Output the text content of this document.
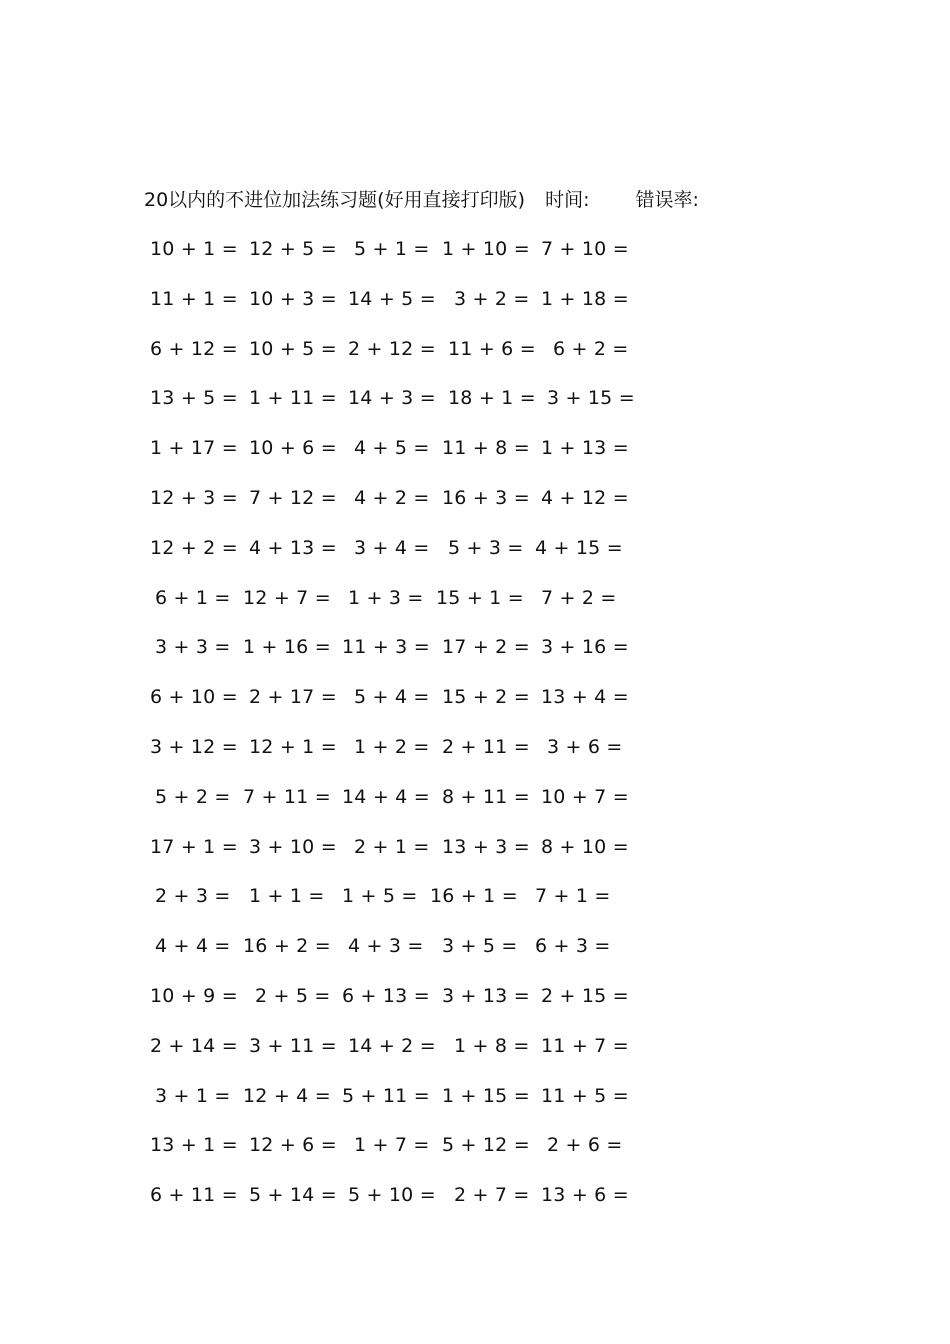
20以内的不进位加法练习题(好用直接打印版) 时间: 错误率:
10 + 1 = 12 + 5 = 5 + 1 = 1 + 10 = 7 + 10 =
11 + 1 = 10 + 3 = 14 + 5 = 3 + 2 = 1 + 18 =
6 + 12 = 10 + 5 = 2 + 12 = 11 + 6 = 6 + 2 =
13 + 5 = 1 + 11 = 14 + 3 = 18 + 1 = 3 + 15 =
1 + 17 = 10 + 6 = 4 + 5 = 11 + 8 = 1 + 13 =
12 + 3 = 7 + 12 = 4 + 2 = 16 + 3 = 4 + 12 =
12 + 2 = 4 + 13 = 3 + 4 = 5 + 3 = 4 + 15 =
6 + 1 = 12 + 7 = 1 + 3 = 15 + 1 = 7 + 2 =
3 + 3 = 1 + 16 = 11 + 3 = 17 + 2 = 3 + 16 =
6 + 10 = 2 + 17 = 5 + 4 = 15 + 2 = 13 + 4 =
3 + 12 = 12 + 1 = 1 + 2 = 2 + 11 = 3 + 6 =
5 + 2 = 7 + 11 = 14 + 4 = 8 + 11 = 10 + 7 =
17 + 1 = 3 + 10 = 2 + 1 = 13 + 3 = 8 + 10 =
2 + 3 = 1 + 1 = 1 + 5 = 16 + 1 = 7 + 1 =
4 + 4 = 16 + 2 = 4 + 3 = 3 + 5 = 6 + 3 =
10 + 9 = 2 + 5 = 6 + 13 = 3 + 13 = 2 + 15 =
2 + 14 = 3 + 11 = 14 + 2 = 1 + 8 = 11 + 7 =
3 + 1 = 12 + 4 = 5 + 11 = 1 + 15 = 11 + 5 =
13 + 1 = 12 + 6 = 1 + 7 = 5 + 12 = 2 + 6 =
6 + 11 = 5 + 14 = 5 + 10 = 2 + 7 = 13 + 6 =
